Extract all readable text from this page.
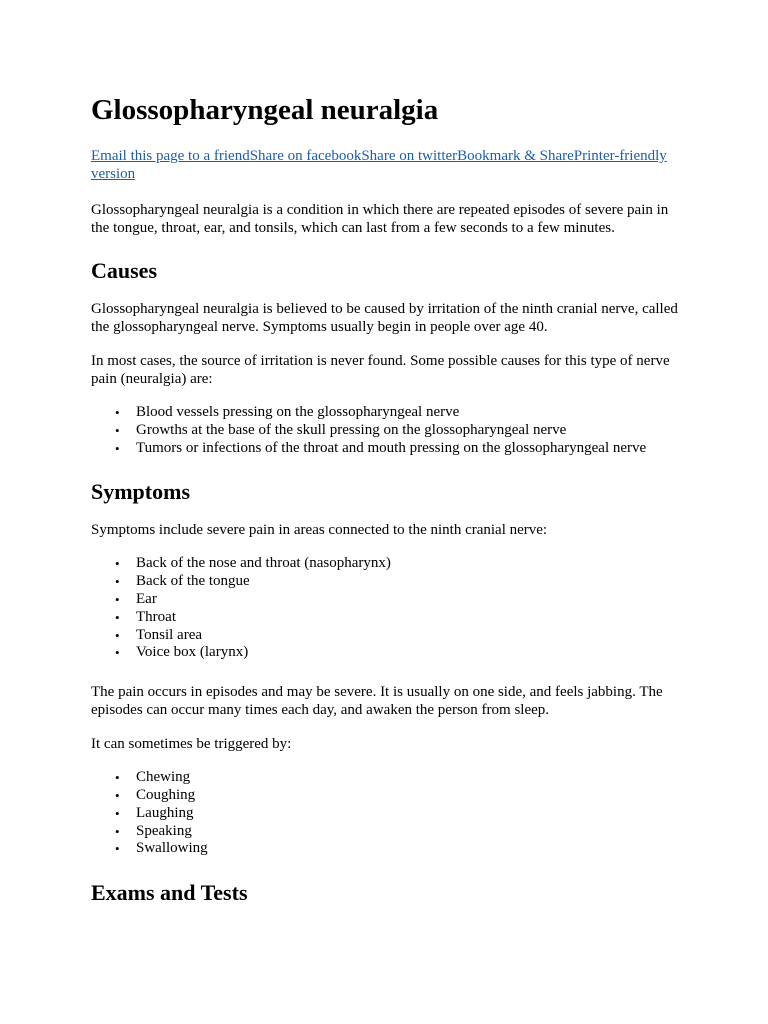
Glossopharyngeal neuralgia

Email this page to a friendShare on facebookShare on twitterBookmark & SharePrinter-friendly version

Glossopharyngeal neuralgia is a condition in which there are repeated episodes of severe pain in the tongue, throat, ear, and tonsils, which can last from a few seconds to a few minutes.

Causes

Glossopharyngeal neuralgia is believed to be caused by irritation of the ninth cranial nerve, called the glossopharyngeal nerve. Symptoms usually begin in people over age 40.

In most cases, the source of irritation is never found. Some possible causes for this type of nerve pain (neuralgia) are:

• Blood vessels pressing on the glossopharyngeal nerve
• Growths at the base of the skull pressing on the glossopharyngeal nerve
• Tumors or infections of the throat and mouth pressing on the glossopharyngeal nerve
Symptoms

Symptoms include severe pain in areas connected to the ninth cranial nerve:

• Back of the nose and throat (nasopharynx)
• Back of the tongue
• Ear
• Throat
• Tonsil area
• Voice box (larynx)

The pain occurs in episodes and may be severe. It is usually on one side, and feels jabbing. The episodes can occur many times each day, and awaken the person from sleep.

It can sometimes be triggered by:

• Chewing
• Coughing
• Laughing
• Speaking
• Swallowing
Exams and Tests
